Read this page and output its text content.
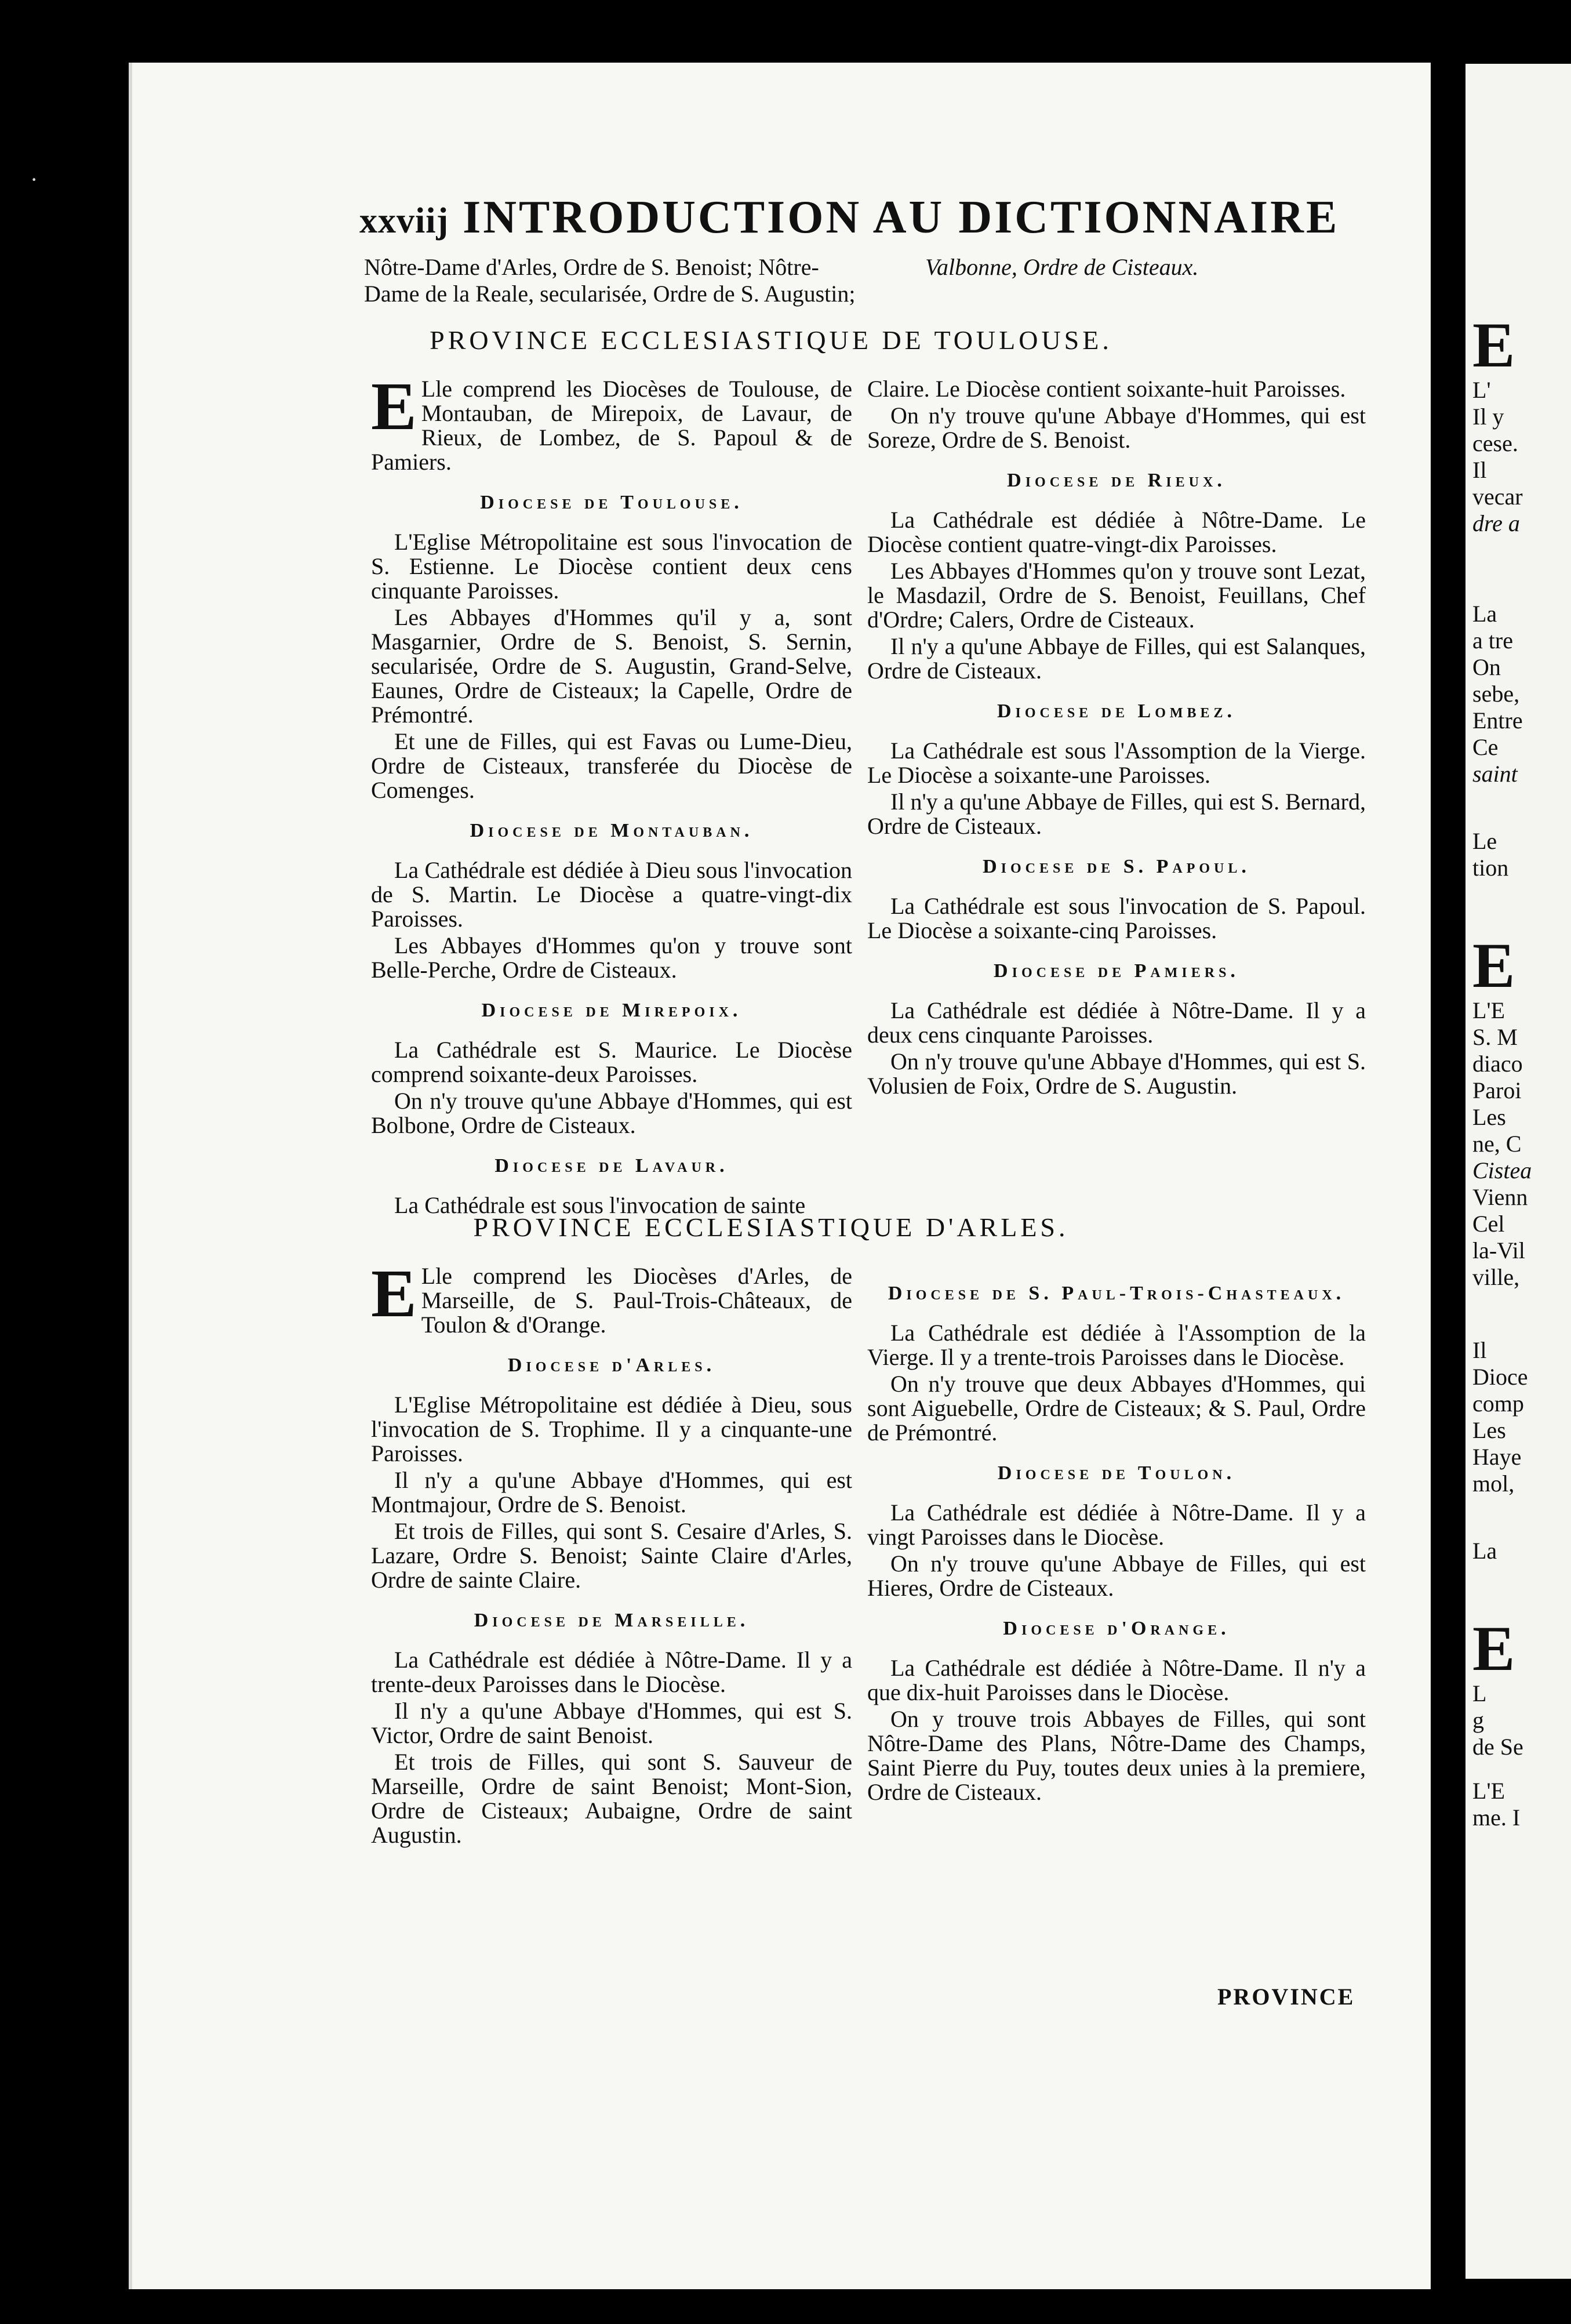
·
xxviij INTRODUCTION AU DICTIONNAIRE
Nôtre-Dame d'Arles, Ordre de S. Benoist; Nôtre-
Dame de la Reale, secularisée, Ordre de S. Augustin;
Valbonne, Ordre de Cisteaux.
PROVINCE ECCLESIASTIQUE DE TOULOUSE.

E Lle comprend les Diocèses de Toulouse, de Montauban, de Mirepoix, de Lavaur, de Rieux, de Lombez, de S. Papoul & de Pamiers.

Diocese de Toulouse.

L'Eglise Métropolitaine est sous l'invocation de S. Estienne. Le Diocèse contient deux cens cinquante Paroisses.

Les Abbayes d'Hommes qu'il y a, sont Masgarnier, Ordre de S. Benoist, S. Sernin, secularisée, Ordre de S. Augustin, Grand-Selve, Eaunes, Ordre de Cisteaux; la Capelle, Ordre de Prémontré.

Et une de Filles, qui est Favas ou Lume-Dieu, Ordre de Cisteaux, transferée du Diocèse de Comenges.

Diocese de Montauban.

La Cathédrale est dédiée à Dieu sous l'invocation de S. Martin. Le Diocèse a quatre-vingt-dix Paroisses.

Les Abbayes d'Hommes qu'on y trouve sont Belle-Perche, Ordre de Cisteaux.

Diocese de Mirepoix.

La Cathédrale est S. Maurice. Le Diocèse comprend soixante-deux Paroisses.

On n'y trouve qu'une Abbaye d'Hommes, qui est Bolbone, Ordre de Cisteaux.

Diocese de Lavaur.

La Cathédrale est sous l'invocation de sainte

Claire. Le Diocèse contient soixante-huit Paroisses.

On n'y trouve qu'une Abbaye d'Hommes, qui est Soreze, Ordre de S. Benoist.

Diocese de Rieux.

La Cathédrale est dédiée à Nôtre-Dame. Le Diocèse contient quatre-vingt-dix Paroisses.

Les Abbayes d'Hommes qu'on y trouve sont Lezat, le Masdazil, Ordre de S. Benoist, Feuillans, Chef d'Ordre; Calers, Ordre de Cisteaux.

Il n'y a qu'une Abbaye de Filles, qui est Salanques, Ordre de Cisteaux.

Diocese de Lombez.

La Cathédrale est sous l'Assomption de la Vierge. Le Diocèse a soixante-une Paroisses.

Il n'y a qu'une Abbaye de Filles, qui est S. Bernard, Ordre de Cisteaux.

Diocese de S. Papoul.

La Cathédrale est sous l'invocation de S. Papoul. Le Diocèse a soixante-cinq Paroisses.

Diocese de Pamiers.

La Cathédrale est dédiée à Nôtre-Dame. Il y a deux cens cinquante Paroisses.

On n'y trouve qu'une Abbaye d'Hommes, qui est S. Volusien de Foix, Ordre de S. Augustin.

PROVINCE ECCLESIASTIQUE D'ARLES.

E Lle comprend les Diocèses d'Arles, de Marseille, de S. Paul-Trois-Châteaux, de Toulon & d'Orange.

Diocese d'Arles.

L'Eglise Métropolitaine est dédiée à Dieu, sous l'invocation de S. Trophime. Il y a cinquante-une Paroisses.

Il n'y a qu'une Abbaye d'Hommes, qui est Montmajour, Ordre de S. Benoist.

Et trois de Filles, qui sont S. Cesaire d'Arles, S. Lazare, Ordre S. Benoist; Sainte Claire d'Arles, Ordre de sainte Claire.

Diocese de Marseille.

La Cathédrale est dédiée à Nôtre-Dame. Il y a trente-deux Paroisses dans le Diocèse.

Il n'y a qu'une Abbaye d'Hommes, qui est S. Victor, Ordre de saint Benoist.

Et trois de Filles, qui sont S. Sauveur de Marseille, Ordre de saint Benoist; Mont-Sion, Ordre de Cisteaux; Aubaigne, Ordre de saint Augustin.

Diocese de S. Paul-Trois-Chasteaux.

La Cathédrale est dédiée à l'Assomption de la Vierge. Il y a trente-trois Paroisses dans le Diocèse.

On n'y trouve que deux Abbayes d'Hommes, qui sont Aiguebelle, Ordre de Cisteaux; & S. Paul, Ordre de Prémontré.

Diocese de Toulon.

La Cathédrale est dédiée à Nôtre-Dame. Il y a vingt Paroisses dans le Diocèse.

On n'y trouve qu'une Abbaye de Filles, qui est Hieres, Ordre de Cisteaux.

Diocese d'Orange.

La Cathédrale est dédiée à Nôtre-Dame. Il n'y a que dix-huit Paroisses dans le Diocèse.

On y trouve trois Abbayes de Filles, qui sont Nôtre-Dame des Plans, Nôtre-Dame des Champs, Saint Pierre du Puy, toutes deux unies à la premiere, Ordre de Cisteaux.

PROVINCE
E
L'
Il y
cese.
Il
vecar
dre a
La
a tre
On
sebe,
Entre
Ce
saint
Le
tion
E
L'E
S. M
diaco
Paroi
Les
ne, C
Cistea
Vienn
Cel
la-Vil
ville,
Il
Dioce
comp
Les
Haye
mol,
La
E
L
g
de Se
L'E
me. I
